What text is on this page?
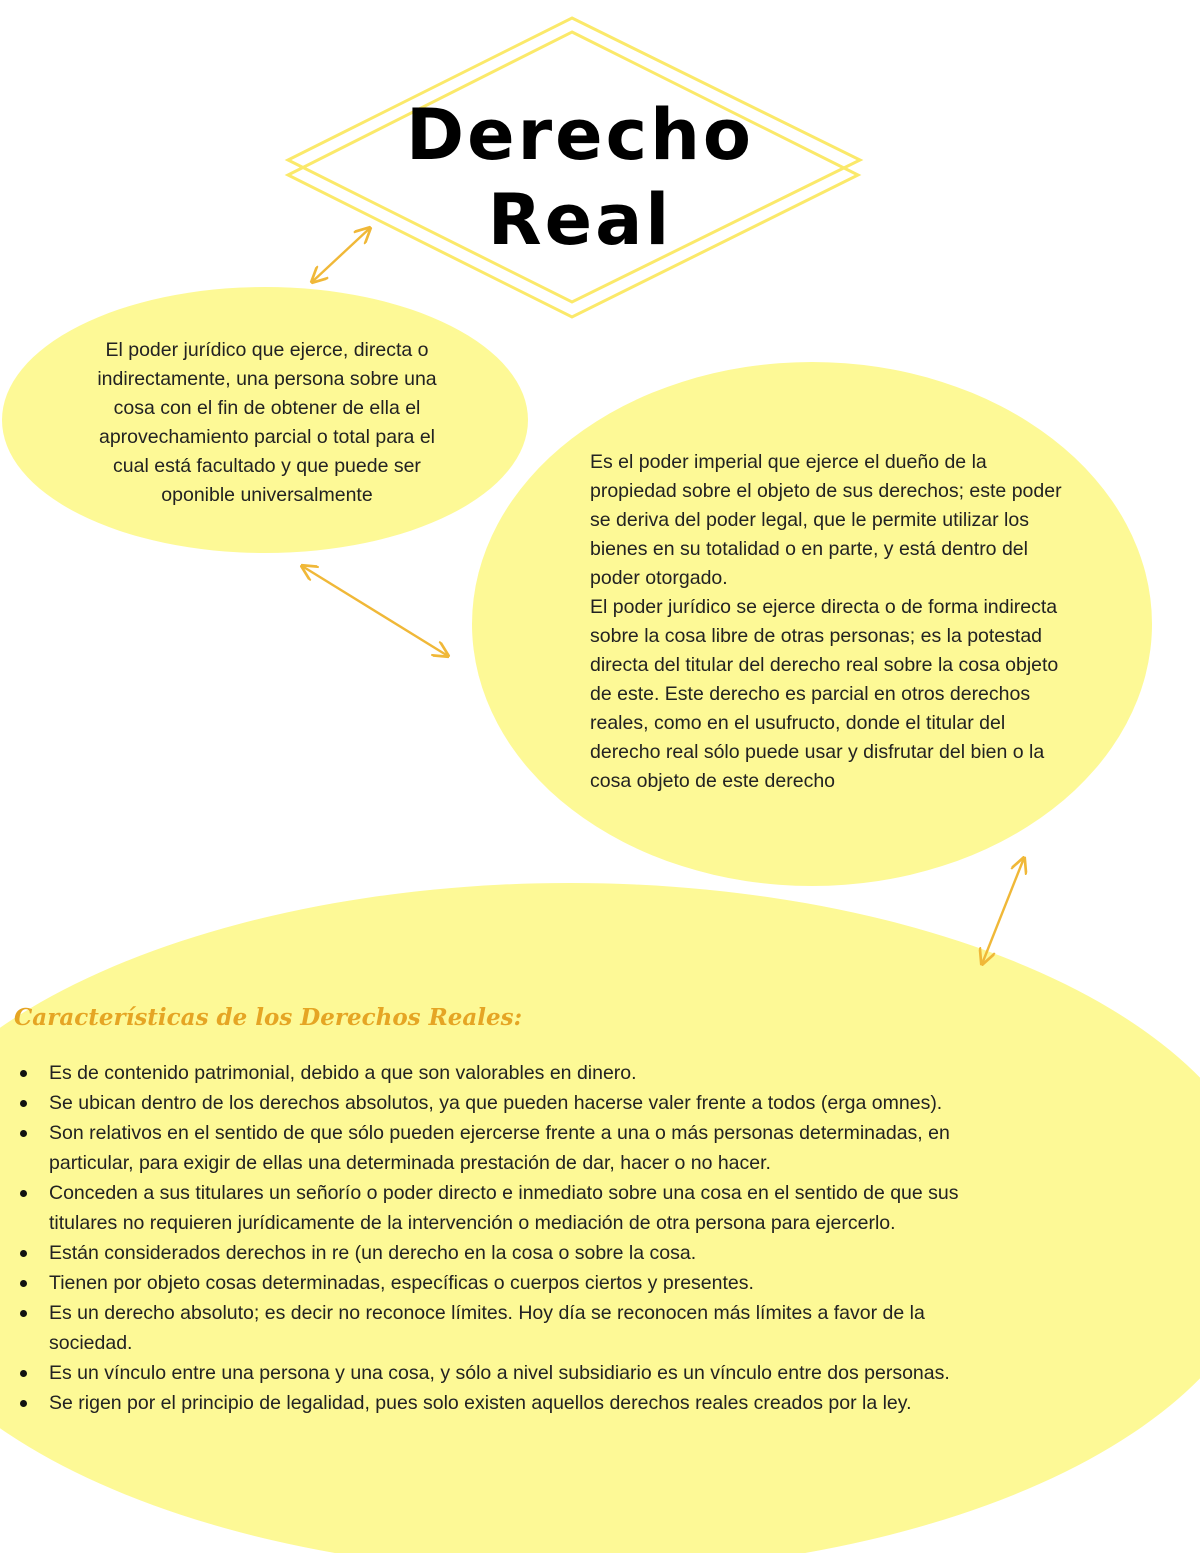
Derecho
Real
El poder jurídico que ejerce, directa o indirectamente, una persona sobre una cosa con el fin de obtener de ella el aprovechamiento parcial o total para el cual está facultado y que puede ser oponible universalmente

Es el poder imperial que ejerce el dueño de la propiedad sobre el objeto de sus derechos; este poder se deriva del poder legal, que le permite utilizar los bienes en su totalidad o en parte, y está dentro del poder otorgado.

El poder jurídico se ejerce directa o de forma indirecta sobre la cosa libre de otras personas; es la potestad directa del titular del derecho real sobre la cosa objeto de este. Este derecho es parcial en otros derechos reales, como en el usufructo, donde el titular del derecho real sólo puede usar y disfrutar del bien o la cosa objeto de este derecho

Características de los Derechos Reales:
Es de contenido patrimonial, debido a que son valorables en dinero.
Se ubican dentro de los derechos absolutos, ya que pueden hacerse valer frente a todos (erga omnes).
Son relativos en el sentido de que sólo pueden ejercerse frente a una o más personas determinadas, en particular, para exigir de ellas una determinada prestación de dar, hacer o no hacer.
Conceden a sus titulares un señorío o poder directo e inmediato sobre una cosa en el sentido de que sus titulares no requieren jurídicamente de la intervención o mediación de otra persona para ejercerlo.
Están considerados derechos in re (un derecho en la cosa o sobre la cosa.
Tienen por objeto cosas determinadas, específicas o cuerpos ciertos y presentes.
Es un derecho absoluto; es decir no reconoce límites. Hoy día se reconocen más límites a favor de la sociedad.
Es un vínculo entre una persona y una cosa, y sólo a nivel subsidiario es un vínculo entre dos personas.
Se rigen por el principio de legalidad, pues solo existen aquellos derechos reales creados por la ley.
